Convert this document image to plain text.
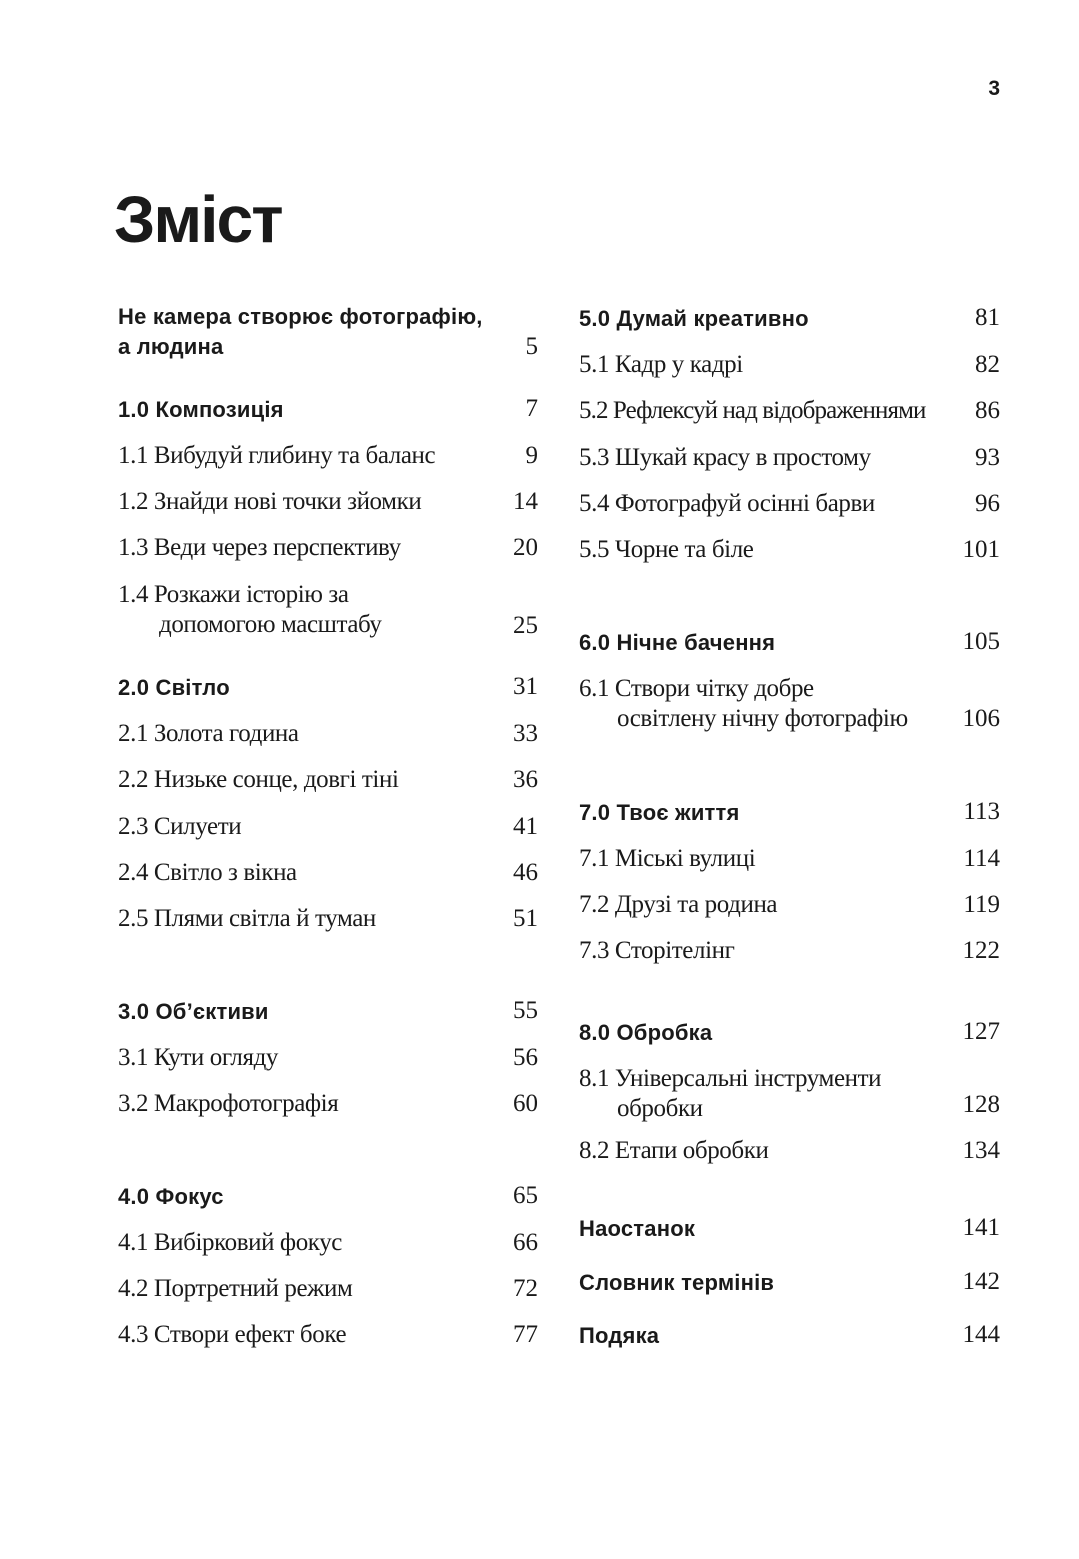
3
Зміст
Не камера створює фотографію,
а людина	5
1.0 Композиція	7
1.1 Вибудуй глибину та баланс	9
1.2 Знайди нові точки зйомки	14
1.3 Веди через перспективу	20
1.4 Розкажи історію за
допомогою масштабу	25
2.0 Світло	31
2.1 Золота година	33
2.2 Низьке сонце, довгі тіні	36
2.3 Силуети	41
2.4 Світло з вікна	46
2.5 Плями світла й туман	51
3.0 Об’єктиви	55
3.1 Кути огляду	56
3.2 Макрофотографія	60
4.0 Фокус	65
4.1 Вибірковий фокус	66
4.2 Портретний режим	72
4.3 Створи ефект боке	77
5.0 Думай креативно	81
5.1 Кадр у кадрі	82
5.2 Рефлексуй над відображеннями 86
5.3 Шукай красу в простому	93
5.4 Фотографуй осінні барви	96
5.5 Чорне та біле	101
6.0 Нічне бачення	105
6.1 Створи чітку добре
освітлену нічну фотографію 106
7.0 Твоє життя	113
7.1 Міські вулиці	114
7.2 Друзі та родина	119
7.3 Сторітелінг	122
8.0 Обробка	127
8.1 Універсальні інструменти
обробки	128
8.2 Етапи обробки	134
Наостанок	141
Словник термінів	142
Подяка	144
